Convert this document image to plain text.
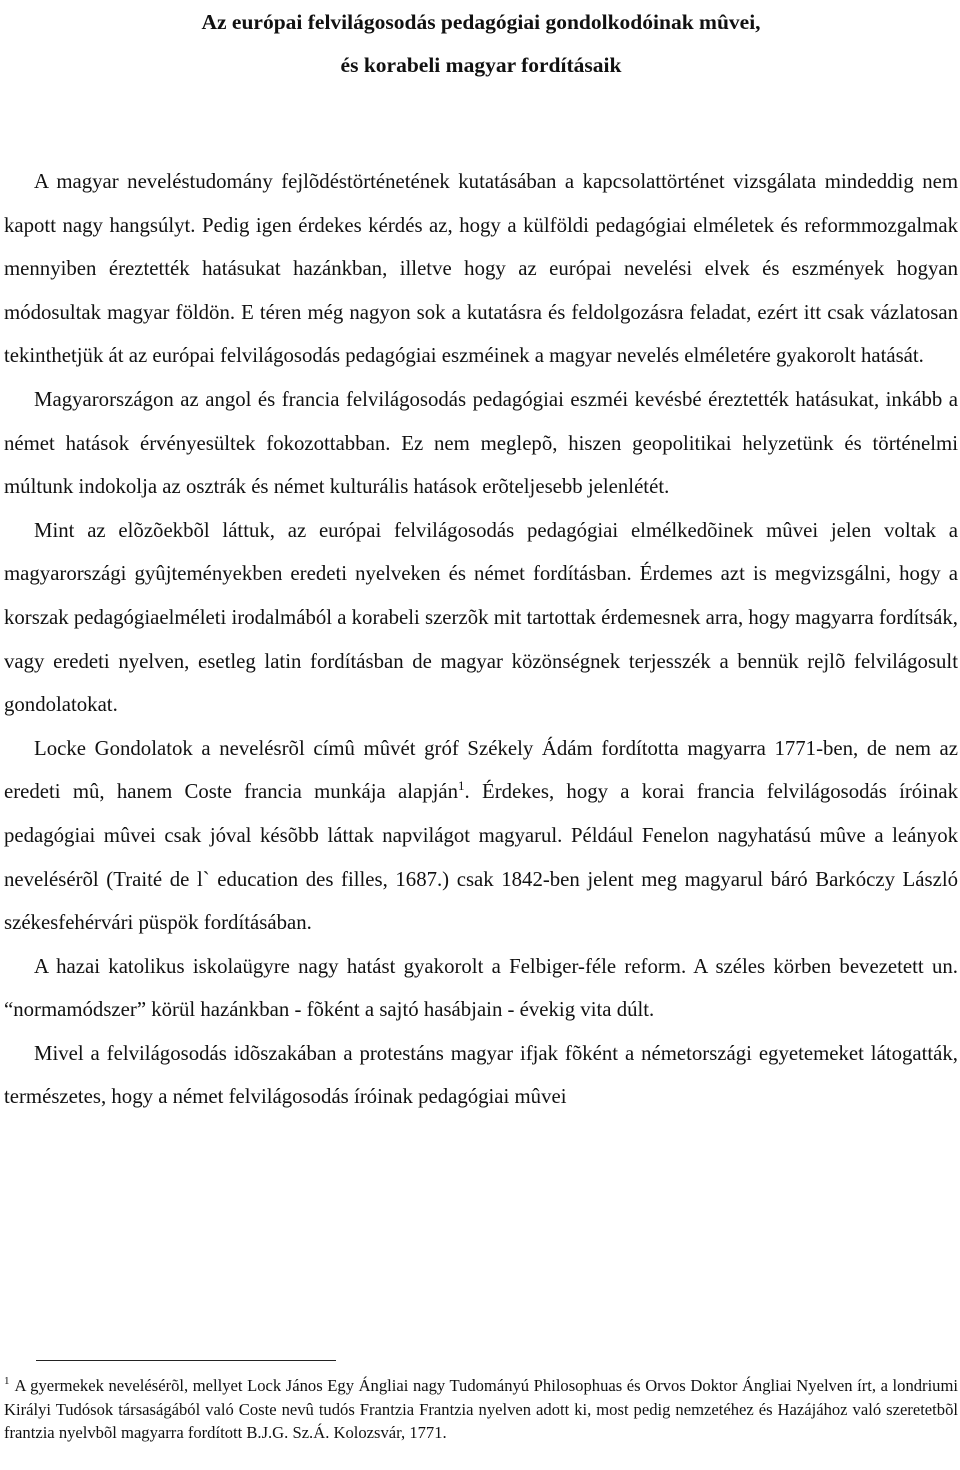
Az európai felvilágosodás pedagógiai gondolkodóinak mûvei,
és korabeli magyar fordításaik

A magyar neveléstudomány fejlõdéstörténetének kutatásában a kapcsolattörténet vizsgálata mindeddig nem kapott nagy hangsúlyt. Pedig igen érdekes kérdés az, hogy a külföldi pedagógiai elméletek és reformmozgalmak mennyiben éreztették hatásukat hazánkban, illetve hogy az európai nevelési elvek és eszmények hogyan módosultak magyar földön. E téren még nagyon sok a kutatásra és feldolgozásra feladat, ezért itt csak vázlatosan tekinthetjük át az európai felvilágosodás pedagógiai eszméinek a magyar nevelés elméletére gyakorolt hatását.

Magyarországon az angol és francia felvilágosodás pedagógiai eszméi kevésbé éreztették hatásukat, inkább a német hatások érvényesültek fokozottabban. Ez nem meglepõ, hiszen geopolitikai helyzetünk és történelmi múltunk indokolja az osztrák és német kulturális hatások erõteljesebb jelenlétét.

Mint az elõzõekbõl láttuk, az európai felvilágosodás pedagógiai elmélkedõinek mûvei jelen voltak a magyarországi gyûjteményekben eredeti nyelveken és német fordításban. Érdemes azt is megvizsgálni, hogy a korszak pedagógiaelméleti irodalmából a korabeli szerzõk mit tartottak érdemesnek arra, hogy magyarra fordítsák, vagy eredeti nyelven, esetleg latin fordításban de magyar közönségnek terjesszék a bennük rejlõ felvilágosult gondolatokat.

Locke Gondolatok a nevelésrõl címû mûvét gróf Székely Ádám fordította magyarra 1771-ben, de nem az eredeti mû, hanem Coste francia munkája alapján$^1$. Érdekes, hogy a korai francia felvilágosodás íróinak pedagógiai mûvei csak jóval késõbb láttak napvilágot magyarul. Például Fenelon nagyhatású mûve a leányok nevelésérõl (Traité de l` education des filles, 1687.) csak 1842-ben jelent meg magyarul báró Barkóczy László székesfehérvári püspök fordításában.

A hazai katolikus iskolaügyre nagy hatást gyakorolt a Felbiger-féle reform. A széles körben bevezetett un. “normamódszer” körül hazánkban - fõként a sajtó hasábjain - évekig vita dúlt.

Mivel a felvilágosodás idõszakában a protestáns magyar ifjak fõként a németországi egyetemeket látogatták, természetes, hogy a német felvilágosodás íróinak pedagógiai mûvei

$^1$ A gyermekek nevelésérõl, mellyet Lock János Egy Ángliai nagy Tudományú Philosophuas és Orvos Doktor Ángliai Nyelven írt, a londriumi Királyi Tudósok társaságából való Coste nevû tudós Frantzia Frantzia nyelven adott ki, most pedig nemzetéhez és Hazájához való szeretetbõl frantzia nyelvbõl magyarra fordított B.J.G. Sz.Á. Kolozsvár, 1771.
